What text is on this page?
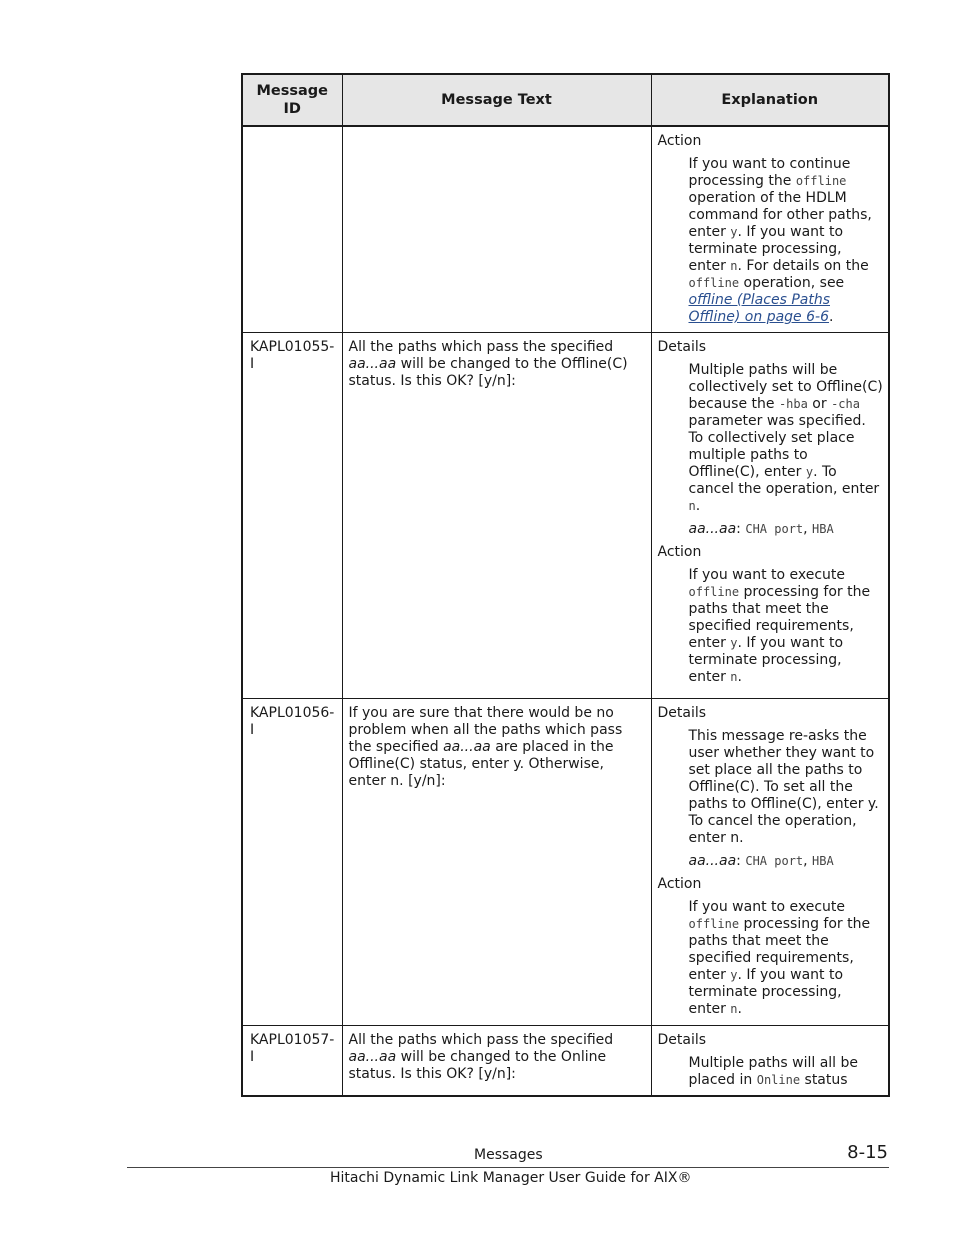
Message ID	Message Text	Explanation

		Action
If you want to continue processing the offline operation of the HDLM command for other paths, enter y. If you want to terminate processing, enter n. For details on the offline operation, see offline (Places Paths Offline) on page 6-6.

KAPL01055-I	All the paths which pass the specified aa...aa will be changed to the Offline(C) status. Is this OK? [y/n]:	Details
Multiple paths will be collectively set to Offline(C) because the -hba or -cha parameter was specified. To collectively set place multiple paths to Offline(C), enter y. To cancel the operation, enter n.
aa...aa: CHA port, HBA
Action
If you want to execute offline processing for the paths that meet the specified requirements, enter y. If you want to terminate processing, enter n.

KAPL01056-I	If you are sure that there would be no problem when all the paths which pass the specified aa...aa are placed in the Offline(C) status, enter y. Otherwise, enter n. [y/n]:	Details
This message re-asks the user whether they want to set place all the paths to Offline(C). To set all the paths to Offline(C), enter y. To cancel the operation, enter n.
aa...aa: CHA port, HBA
Action
If you want to execute offline processing for the paths that meet the specified requirements, enter y. If you want to terminate processing, enter n.

KAPL01057-I	All the paths which pass the specified aa...aa will be changed to the Online status. Is this OK? [y/n]:	Details
Multiple paths will all be placed in Online status
Messages	8-15
Hitachi Dynamic Link Manager User Guide for AIX®
